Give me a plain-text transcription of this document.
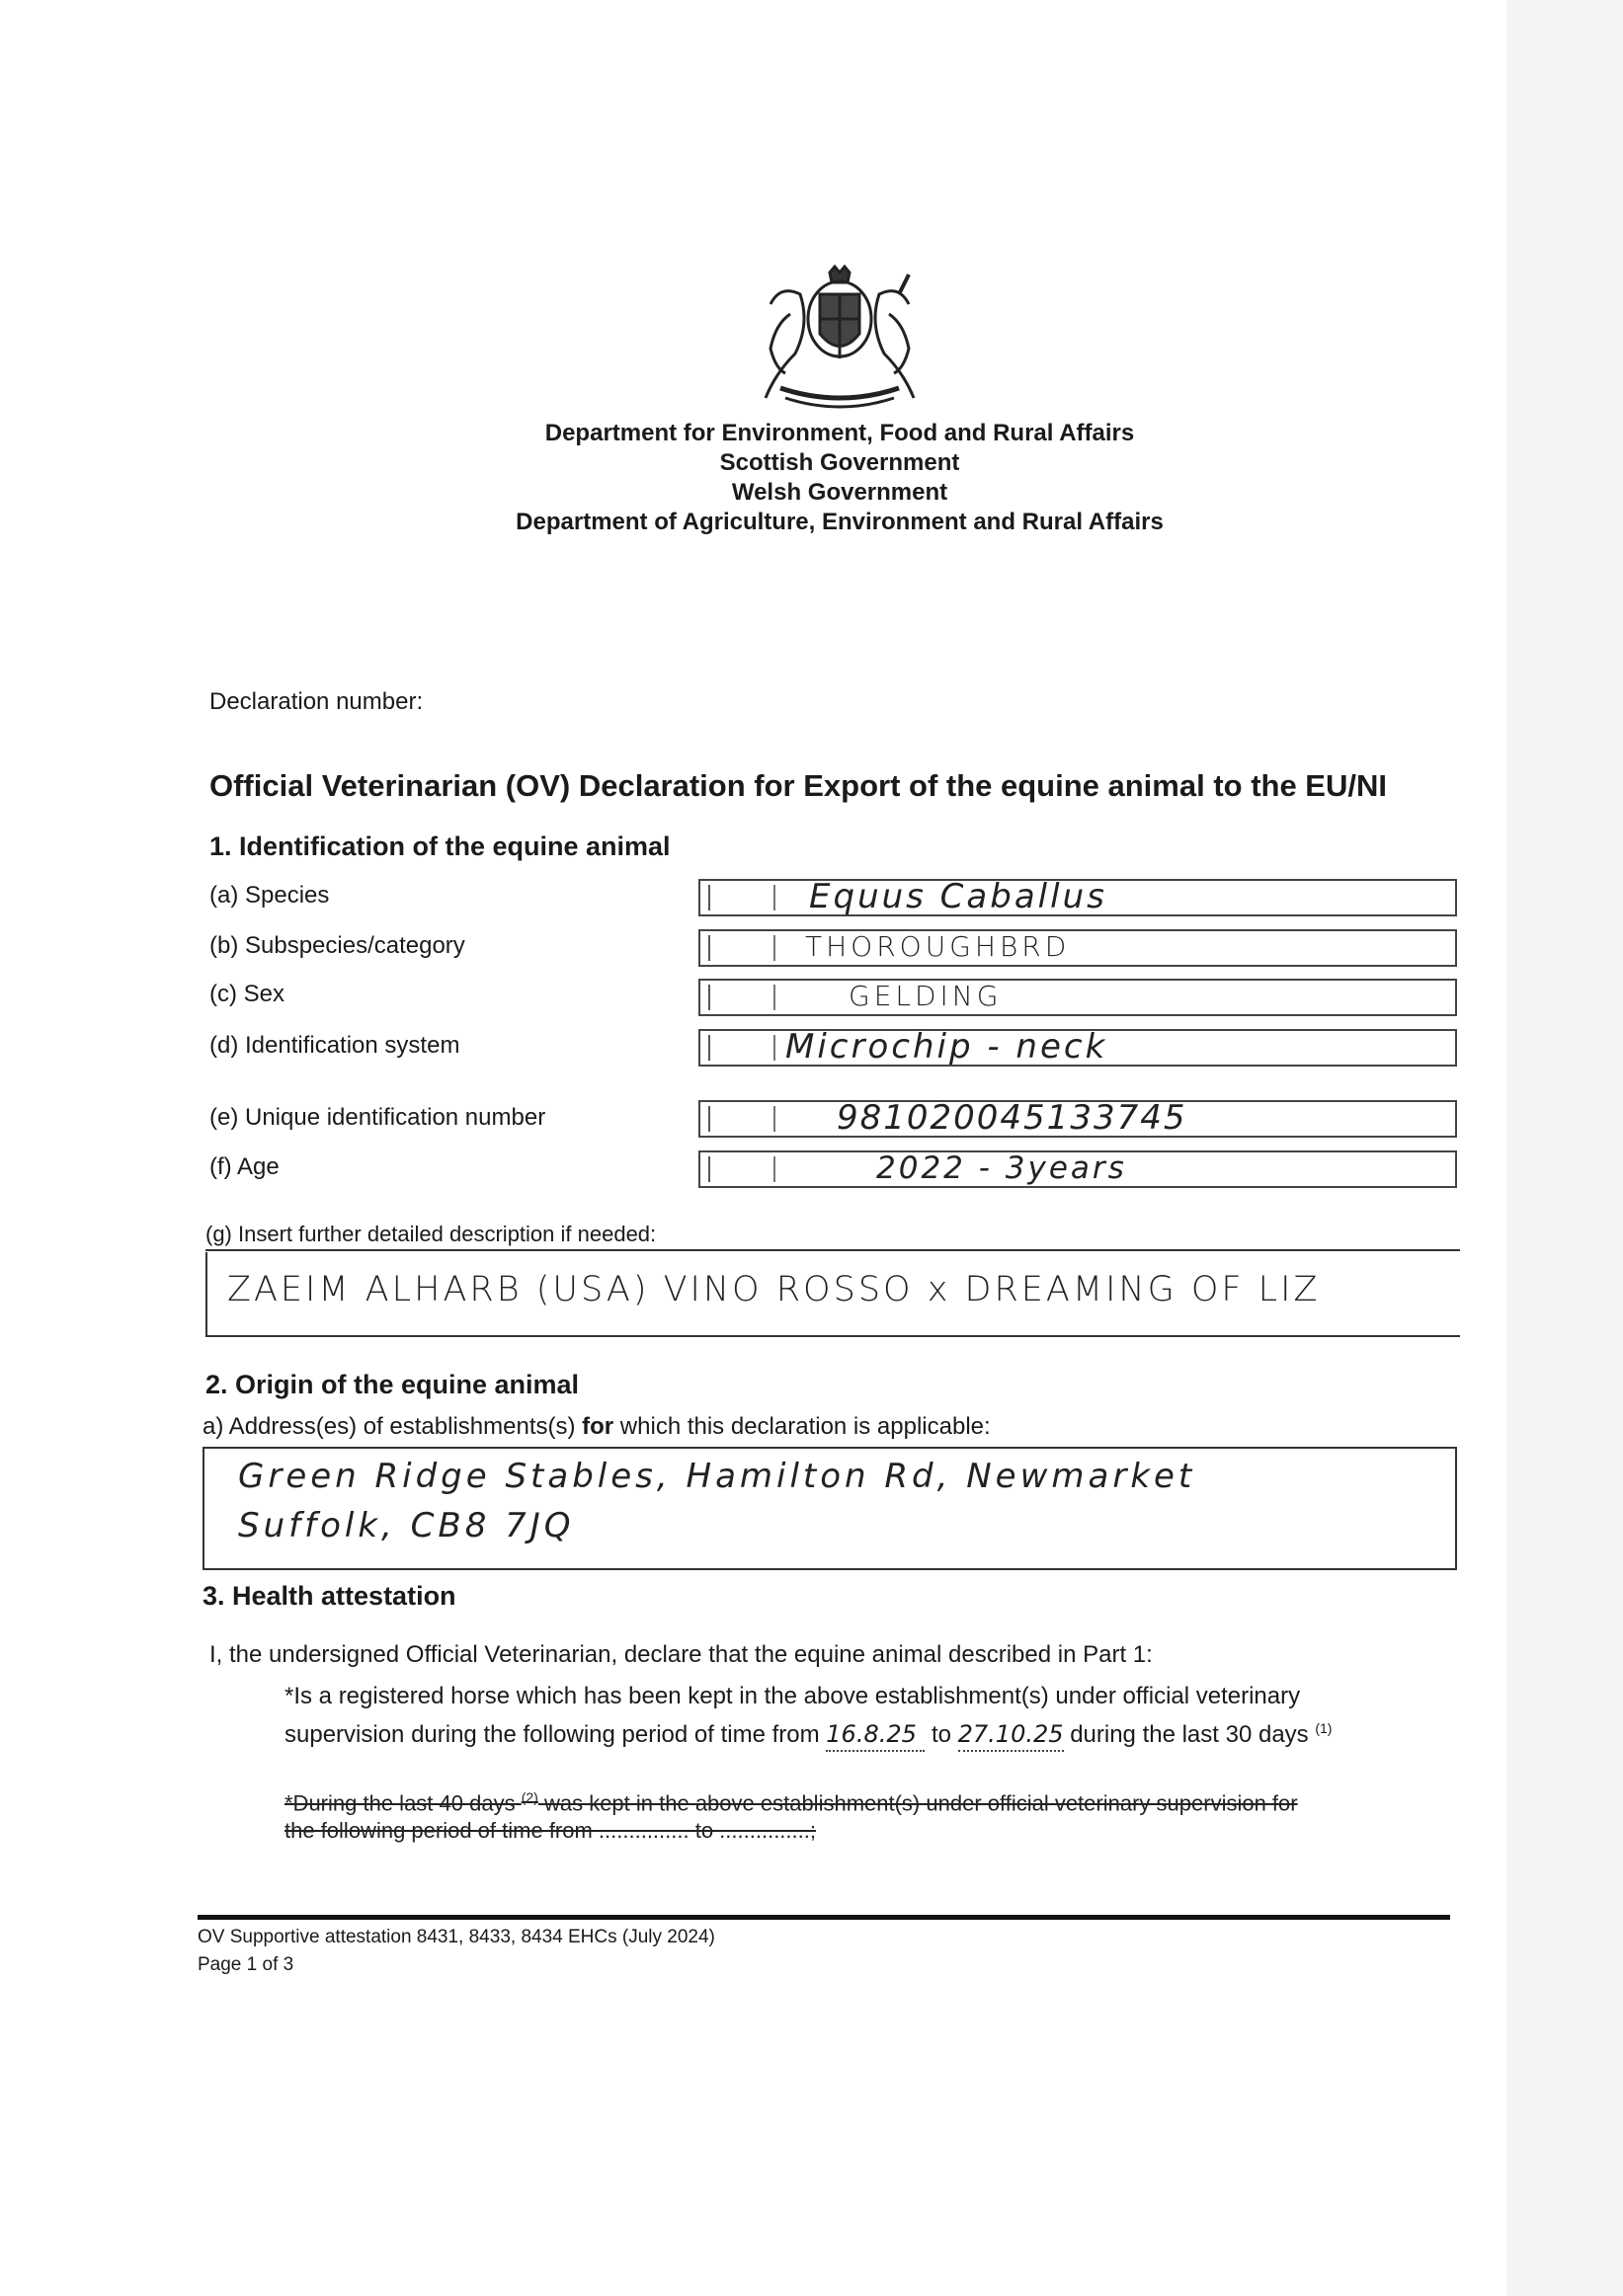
Department for Environment, Food and Rural Affairs
Scottish Government
Welsh Government
Department of Agriculture, Environment and Rural Affairs
Declaration number:
Official Veterinarian (OV) Declaration for Export of the equine animal to the EU/NI
1. Identification of the equine animal
(a) Species	Equus Caballus
(b) Subspecies/category	THOROUGHBRD
(c) Sex	GELDING
(d) Identification system	Microchip - neck
(e) Unique identification number	981020045133745
(f) Age	2022 - 3years
(g) Insert further detailed description if needed:
ZAEIM ALHARB (USA) VINO ROSSO x DREAMING OF LIZ
2. Origin of the equine animal
a) Address(es) of establishments(s) for which this declaration is applicable:
Green Ridge Stables, Hamilton Rd, Newmarket
Suffolk, CB8 7JQ
3. Health attestation
I, the undersigned Official Veterinarian, declare that the equine animal described in Part 1:
*Is a registered horse which has been kept in the above establishment(s) under official veterinary
supervision during the following period of time from 16.8.25 to 27.10.25 during the last 30 days $^{(1)}$
*During the last 40 days $^{(2)}$ was kept in the above establishment(s) under official veterinary supervision for
the following period of time from ............... to ...............;
OV Supportive attestation 8431, 8433, 8434 EHCs (July 2024)
Page 1 of 3
